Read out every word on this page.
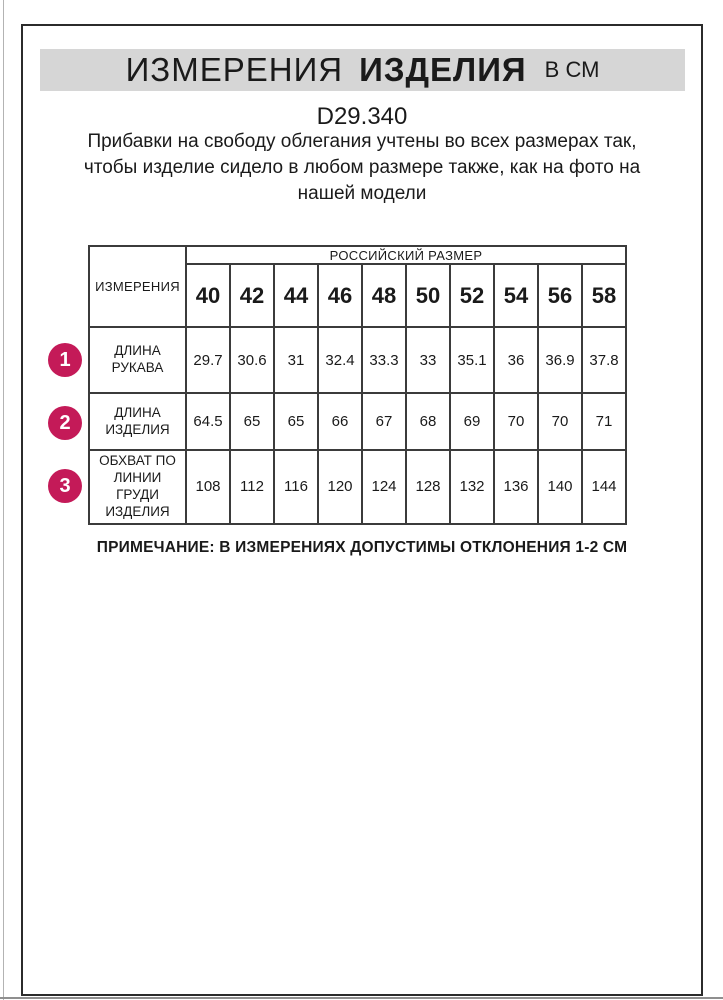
ИЗМЕРЕНИЯ ИЗДЕЛИЯ В СМ
D29.340
Прибавки на свободу облегания учтены во всех размерах так, чтобы изделие сидело в любом размере также, как на фото на нашей модели
ИЗМЕРЕНИЯ	РОССИЙСКИЙ РАЗМЕР									
	40	42	44	46	48	50	52	54	56	58
ДЛИНА РУКАВА	29.7	30.6	31	32.4	33.3	33	35.1	36	36.9	37.8
ДЛИНА ИЗДЕЛИЯ	64.5	65	65	66	67	68	69	70	70	71
ОБХВАТ ПО ЛИНИИ ГРУДИ ИЗДЕЛИЯ	108	112	116	120	124	128	132	136	140	144
1
2
3
ПРИМЕЧАНИЕ: В ИЗМЕРЕНИЯХ ДОПУСТИМЫ ОТКЛОНЕНИЯ 1-2 СМ
